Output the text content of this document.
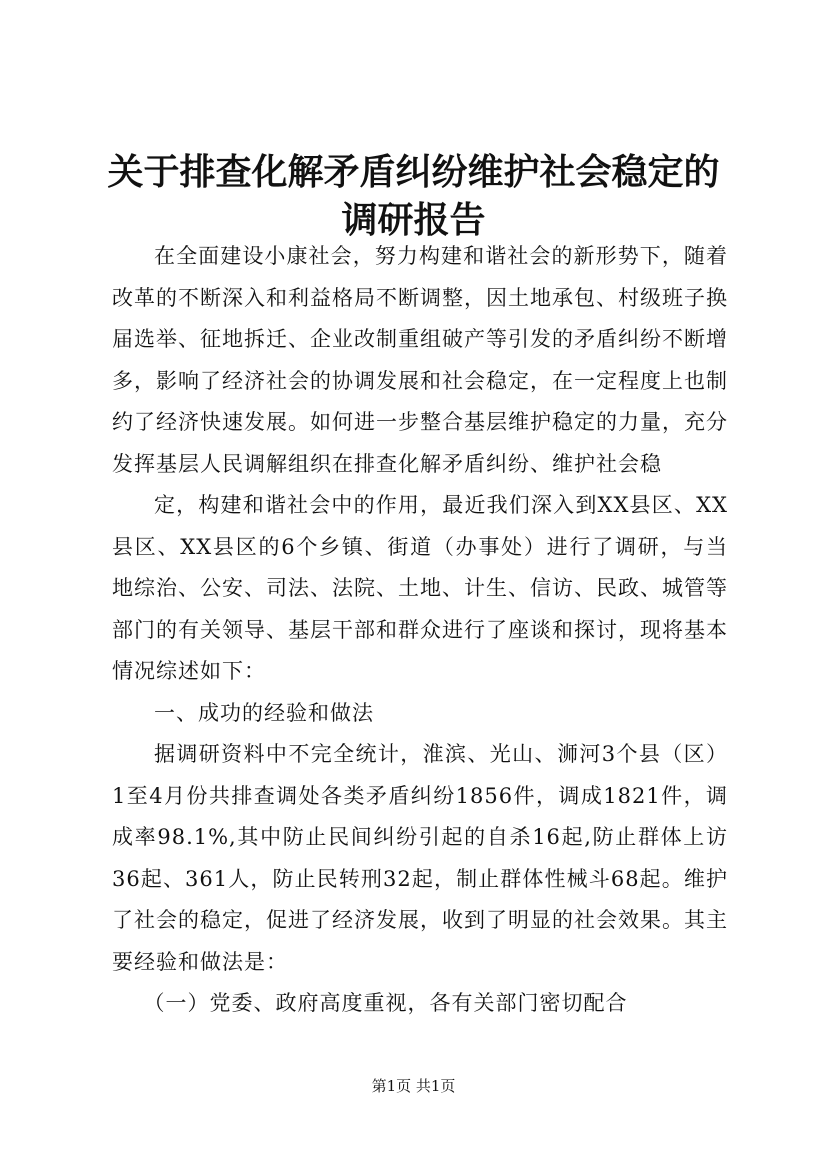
关于排查化解矛盾纠纷维护社会稳定的调研报告

在全面建设小康社会，努力构建和谐社会的新形势下，随着改革的不断深入和利益格局不断调整，因土地承包、村级班子换届选举、征地拆迁、企业改制重组破产等引发的矛盾纠纷不断增多，影响了经济社会的协调发展和社会稳定，在一定程度上也制约了经济快速发展。如何进一步整合基层维护稳定的力量，充分发挥基层人民调解组织在排查化解矛盾纠纷、维护社会稳

定，构建和谐社会中的作用，最近我们深入到XX县区、XX县区、XX县区的6个乡镇、街道（办事处）进行了调研，与当地综治、公安、司法、法院、土地、计生、信访、民政、城管等部门的有关领导、基层干部和群众进行了座谈和探讨，现将基本情况综述如下：

一、成功的经验和做法

据调研资料中不完全统计，淮滨、光山、浉河3个县（区）1至4月份共排查调处各类矛盾纠纷1856件，调成1821件，调成率98.1%,其中防止民间纠纷引起的自杀16起,防止群体上访36起、361人，防止民转刑32起，制止群体性械斗68起。维护了社会的稳定，促进了经济发展，收到了明显的社会效果。其主要经验和做法是：

（一）党委、政府高度重视，各有关部门密切配合

第1页 共1页
